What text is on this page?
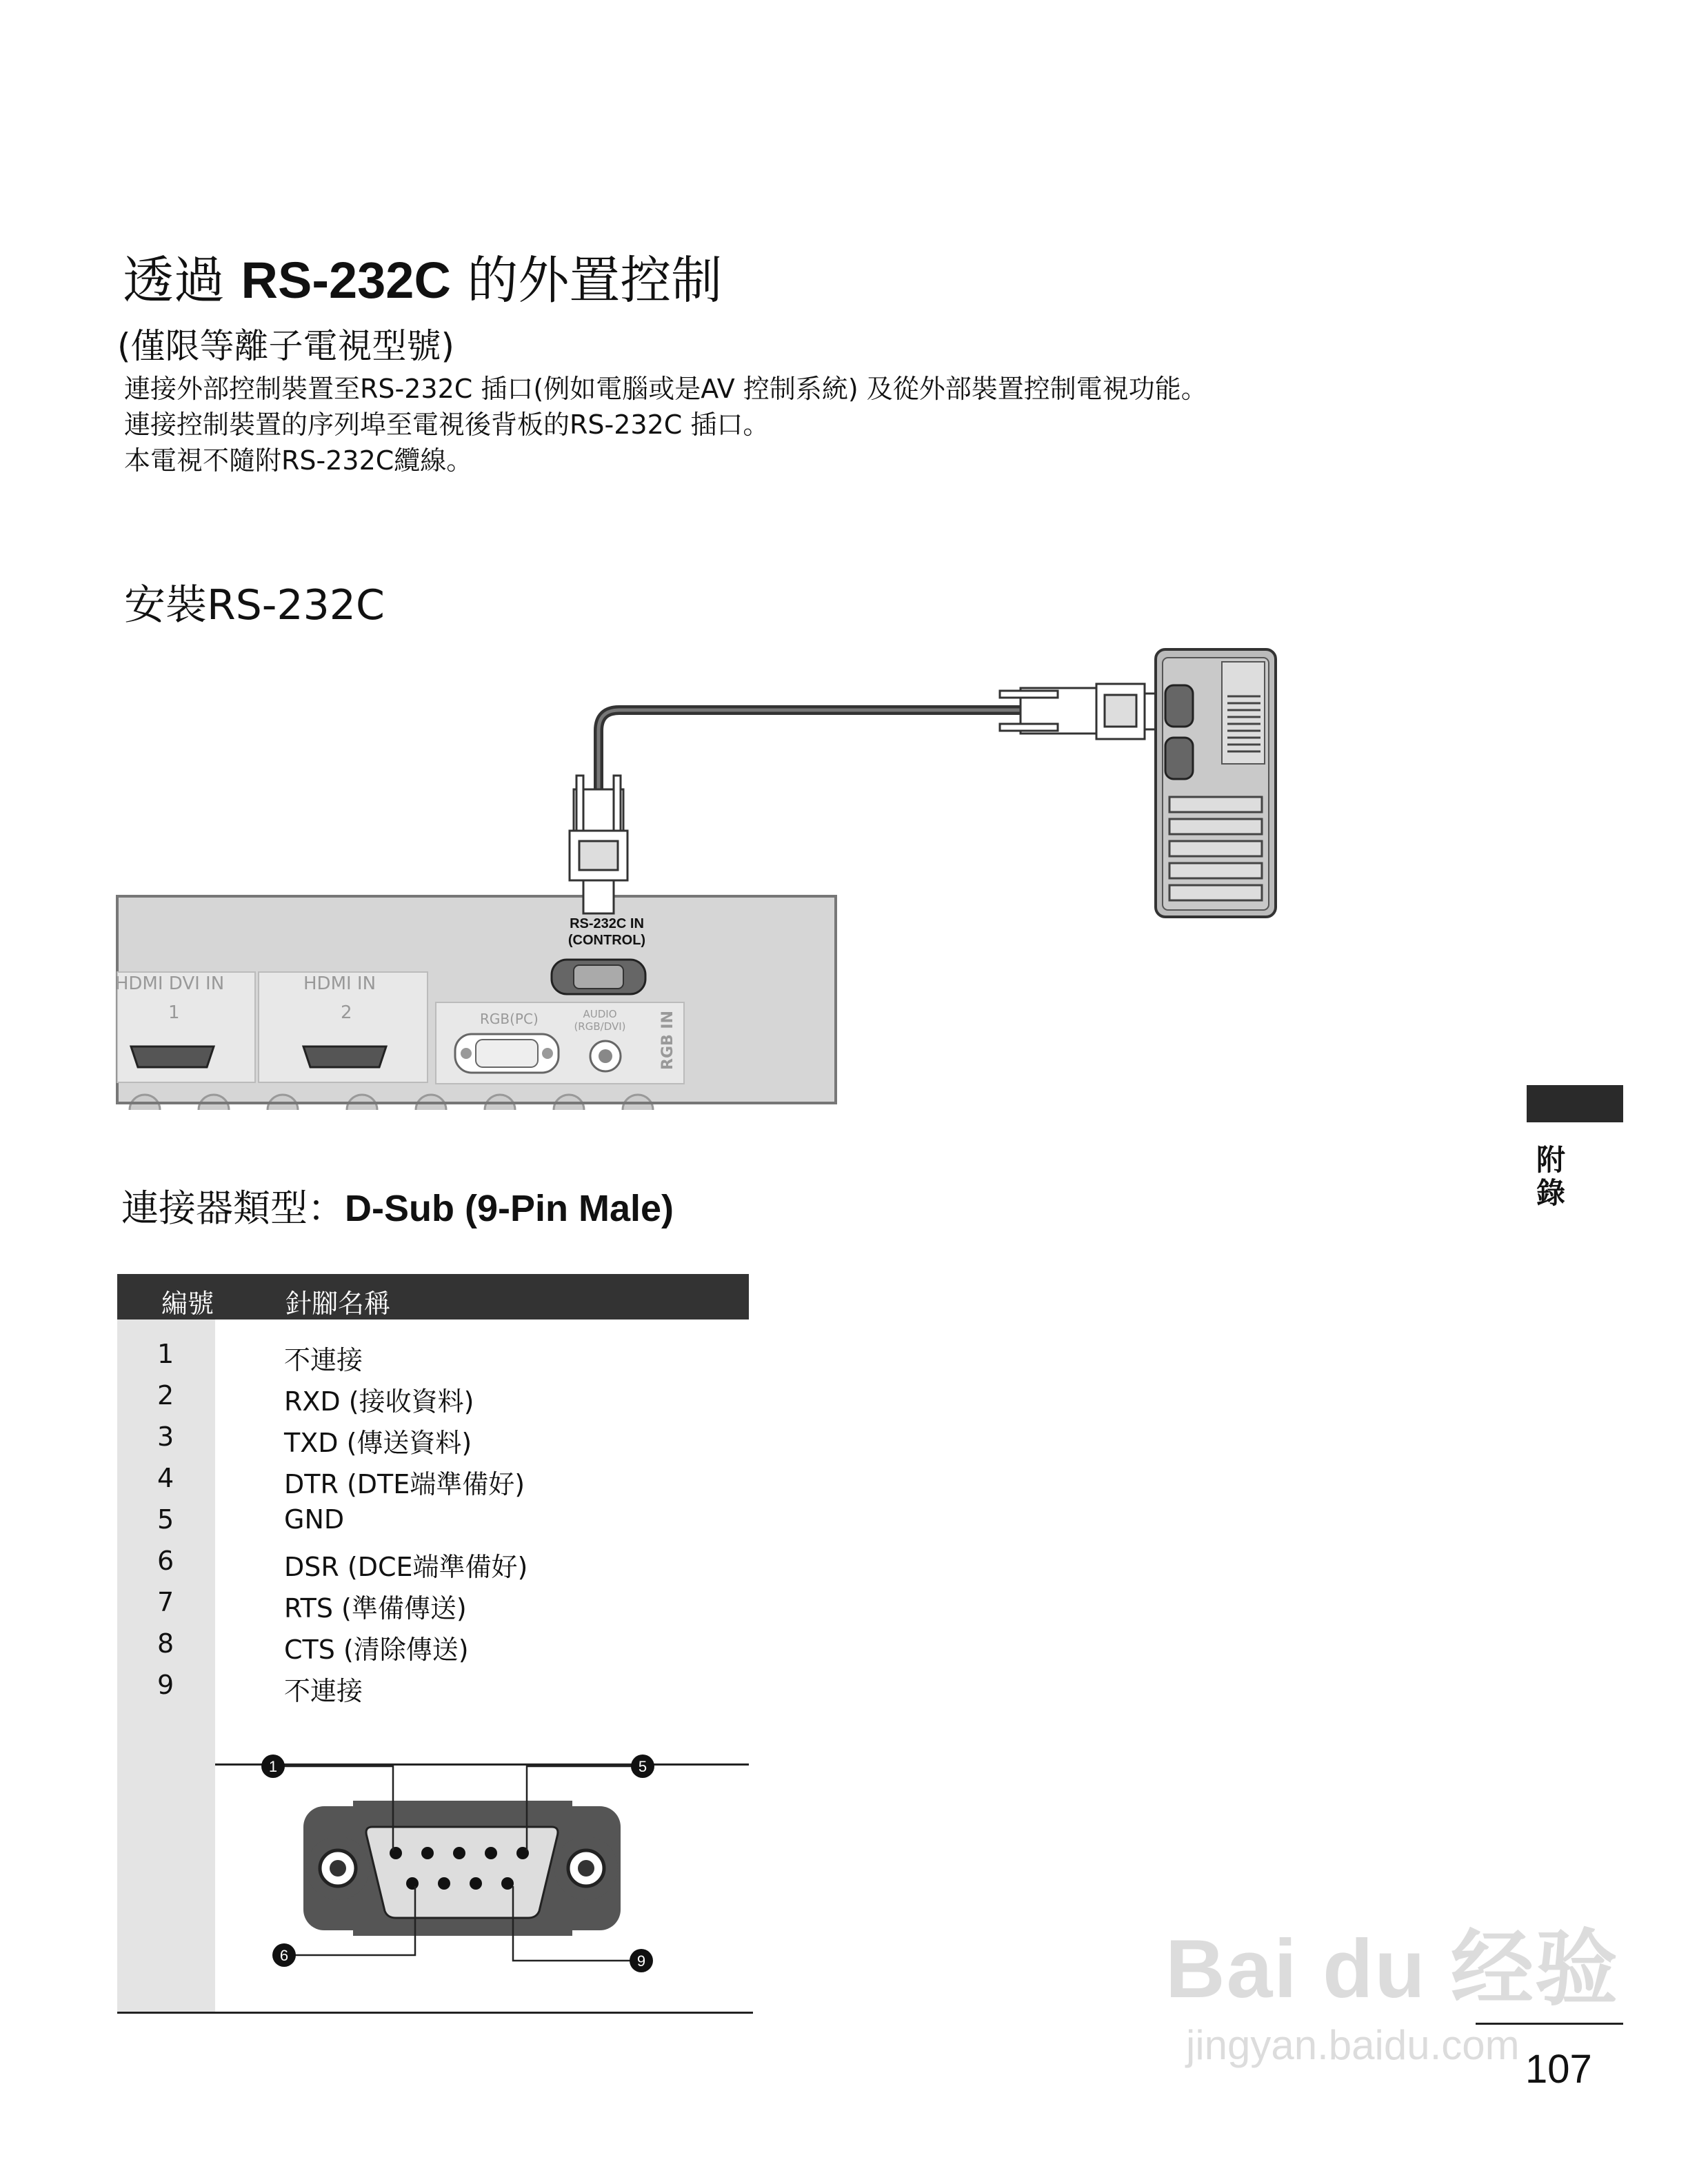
透過 RS-232C 的外置控制
(僅限等離子電視型號)
連接外部控制裝置至RS-232C 插口(例如電腦或是AV 控制系統) 及從外部裝置控制電視功能。
連接控制裝置的序列埠至電視後背板的RS-232C 插口。
本電視不隨附RS-232C纜線。
安裝RS-232C
RS-232C IN
(CONTROL)
HDMI DVI IN
1
HDMI IN
2	RGB(PC)	AUDIO
(RGB/DVI) RGB IN
連接器類型：D-Sub (9-Pin Male)	附錄
編號	針腳名稱
1	不連接
2	RXD (接收資料)
3	TXD (傳送資料)
4	DTR (DTE端準備好)
5	GND
6	DSR (DCE端準備好)
7	RTS (準備傳送)
8	CTS (清除傳送)
9	不連接
1	5
6	9
107
Bai du 经验
jingyan.baidu.com
